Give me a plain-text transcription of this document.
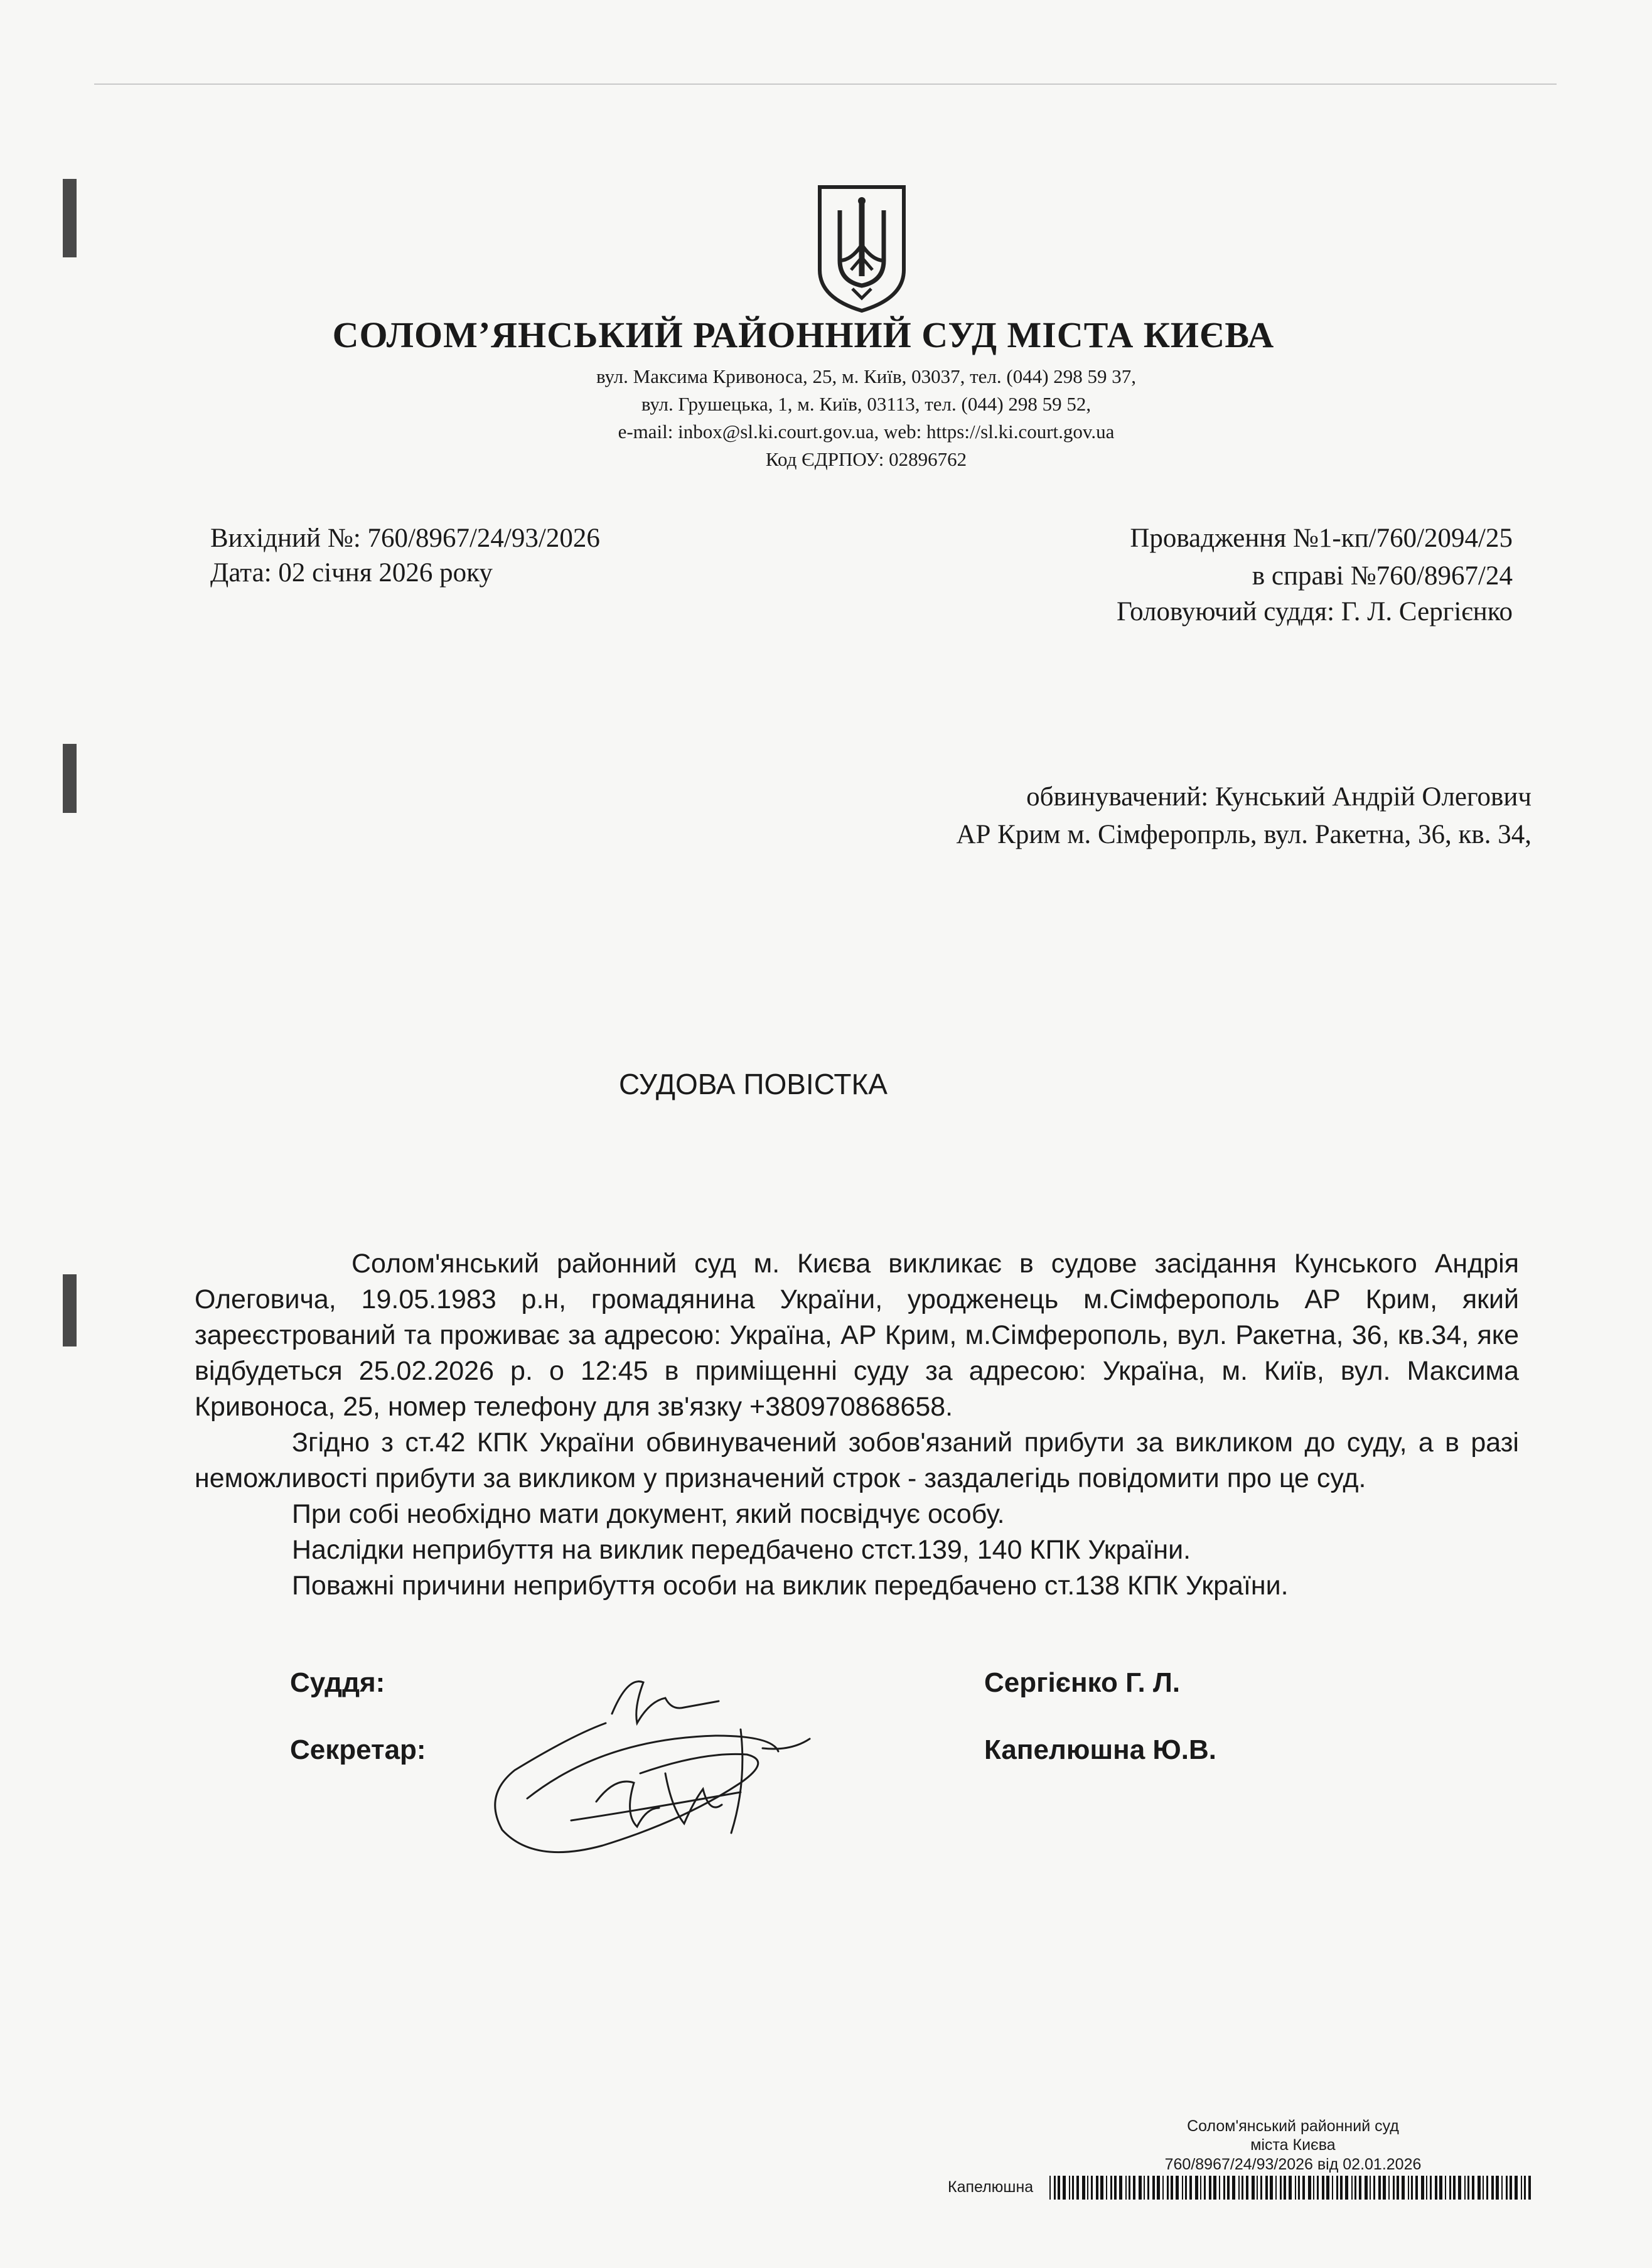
СОЛОМ’ЯНСЬКИЙ РАЙОННИЙ СУД МІСТА КИЄВА
вул. Максима Кривоноса, 25, м. Київ, 03037, тел. (044) 298 59 37,
вул. Грушецька, 1, м. Київ, 03113, тел. (044) 298 59 52,
e-mail: inbox@sl.ki.court.gov.ua, web: https://sl.ki.court.gov.ua
Код ЄДРПОУ: 02896762
Вихідний №: 760/8967/24/93/2026
Дата: 02 січня 2026 року
Провадження №1-кп/760/2094/25
в справі №760/8967/24
Головуючий суддя: Г. Л. Сергієнко
обвинувачений: Кунський Андрій Олегович
АР Крим м. Сімферопрль, вул. Ракетна, 36, кв. 34,
СУДОВА ПОВІСТКА

Солом'янський районний суд м. Києва викликає в судове засідання Кунського Андрія Олеговича, 19.05.1983 р.н, громадянина України, уродженець м.Сімферополь АР Крим, який зареєстрований та проживає за адресою: Україна, АР Крим, м.Сімферополь, вул. Ракетна, 36, кв.34, яке відбудеться 25.02.2026 р. о 12:45 в приміщенні суду за адресою: Україна, м. Київ, вул. Максима Кривоноса, 25, номер телефону для зв'язку +380970868658.

Згідно з ст.42 КПК України обвинувачений зобов'язаний прибути за викликом до суду, а в разі неможливості прибути за викликом у призначений строк - заздалегідь повідомити про це суд.

При собі необхідно мати документ, який посвідчує особу.

Наслідки неприбуття на виклик передбачено стст.139, 140 КПК України.

Поважні причини неприбуття особи на виклик передбачено ст.138 КПК України.

Суддя:	Сергієнко Г. Л.
Секретар:	Капелюшна Ю.В.
Солом'янський районний суд
міста Києва
760/8967/24/93/2026 від 02.01.2026
Капелюшна
